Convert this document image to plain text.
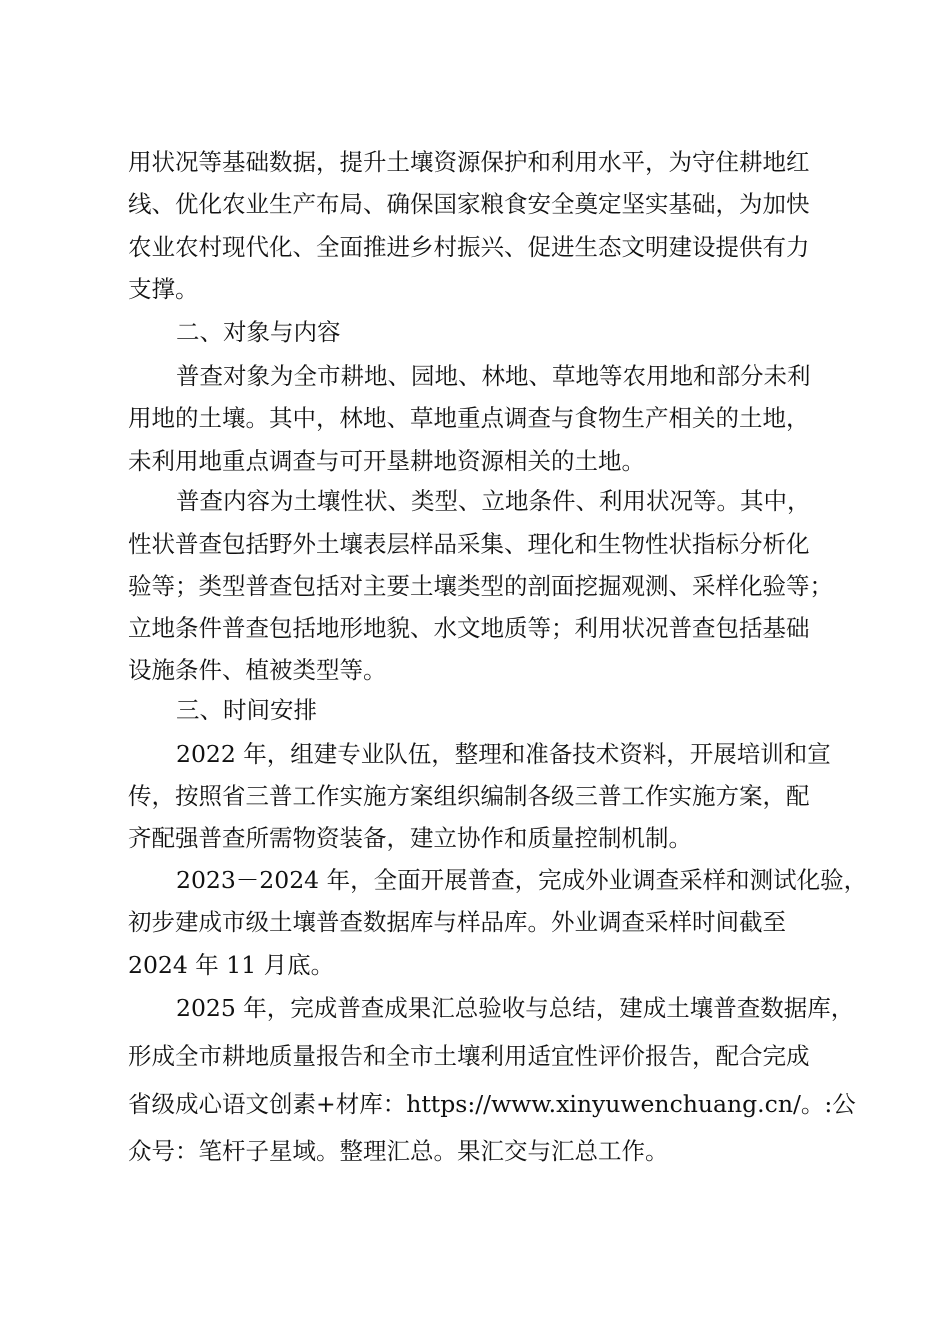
用状况等基础数据，提升土壤资源保护和利用水平，为守住耕地红
线、优化农业生产布局、确保国家粮食安全奠定坚实基础，为加快
农业农村现代化、全面推进乡村振兴、促进生态文明建设提供有力
支撑。
二、对象与内容
普查对象为全市耕地、园地、林地、草地等农用地和部分未利
用地的土壤。其中，林地、草地重点调查与食物生产相关的土地，
未利用地重点调查与可开垦耕地资源相关的土地。
普查内容为土壤性状、类型、立地条件、利用状况等。其中，
性状普查包括野外土壤表层样品采集、理化和生物性状指标分析化
验等；类型普查包括对主要土壤类型的剖面挖掘观测、采样化验等；
立地条件普查包括地形地貌、水文地质等；利用状况普查包括基础
设施条件、植被类型等。
三、时间安排
2022 年，组建专业队伍，整理和准备技术资料，开展培训和宣
传，按照省三普工作实施方案组织编制各级三普工作实施方案，配
齐配强普查所需物资装备，建立协作和质量控制机制。
2023－2024 年，全面开展普查，完成外业调查采样和测试化验，
初步建成市级土壤普查数据库与样品库。外业调查采样时间截至
2024 年 11 月底。
2025 年，完成普查成果汇总验收与总结，建成土壤普查数据库，
形成全市耕地质量报告和全市土壤利用适宜性评价报告，配合完成
省级成心语文创素+材库：https://www.xinyuwenchuang.cn/。:公
众号：笔杆子星域。整理汇总。果汇交与汇总工作。
